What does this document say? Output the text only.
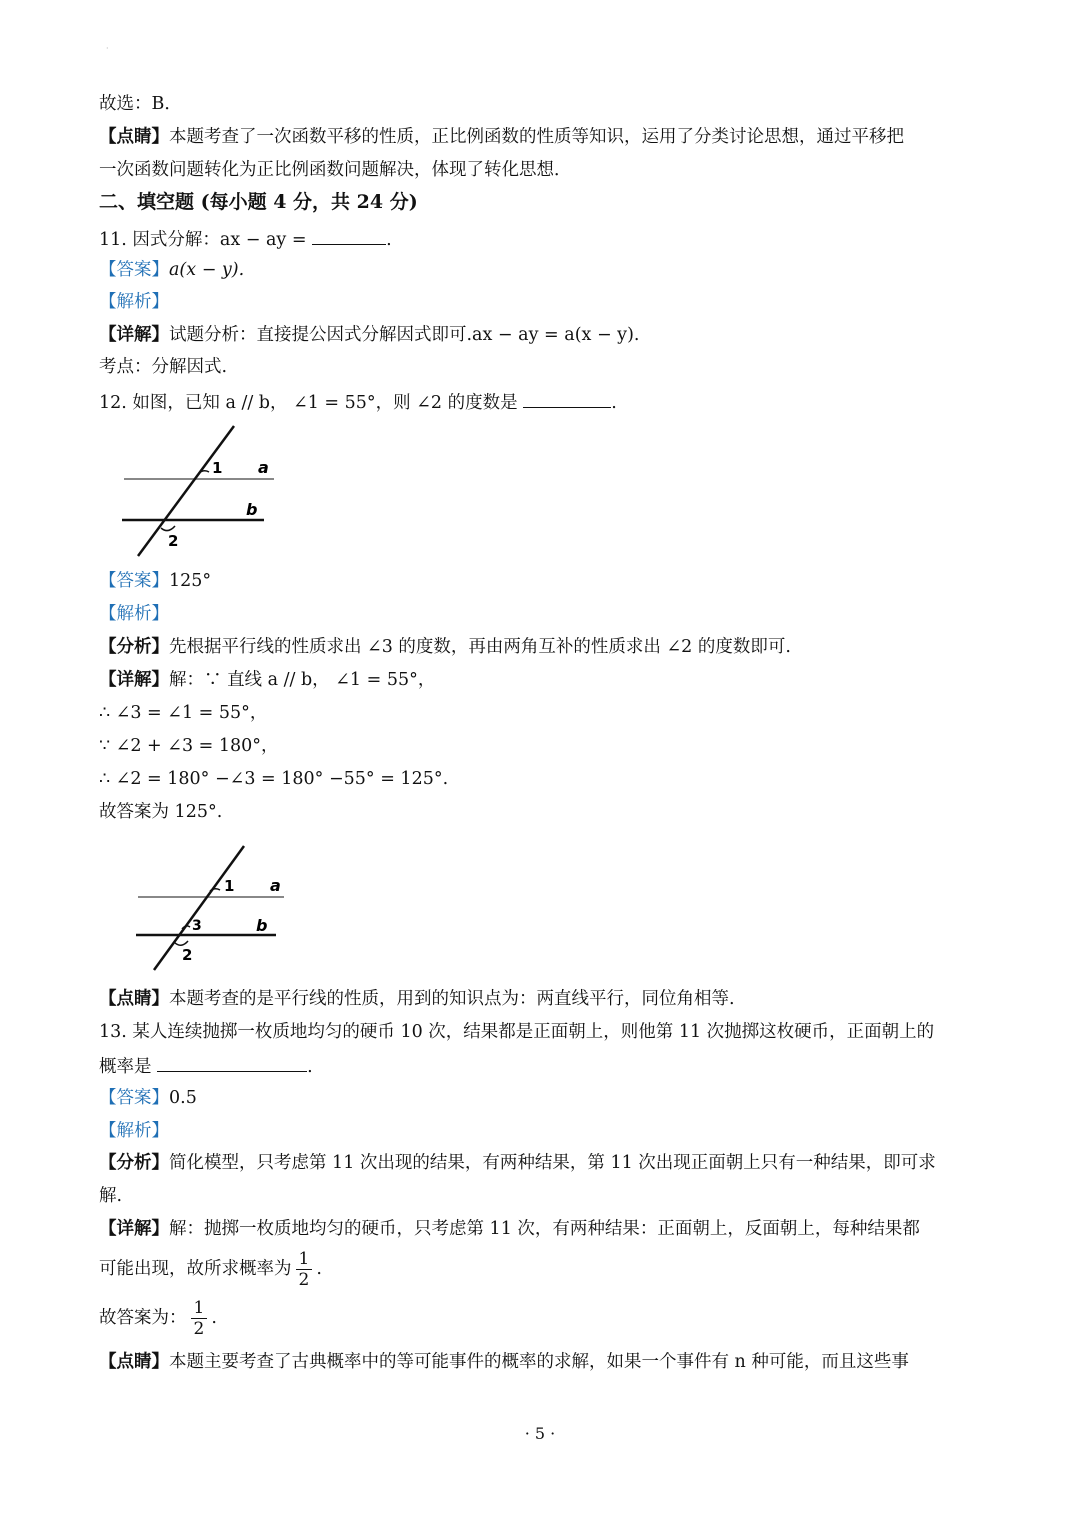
·
故选：B．
【点睛】本题考查了一次函数平移的性质，正比例函数的性质等知识，运用了分类讨论思想，通过平移把
一次函数问题转化为正比例函数问题解决，体现了转化思想．
二、填空题 (每小题 4 分，共 24 分)
11. 因式分解：ax − ay =	.
【答案】a(x − y).
【解析】
【详解】试题分析：直接提公因式分解因式即可.ax − ay = a(x − y).
考点：分解因式.
12. 如图，已知 a // b， ∠1 = 55°，则 ∠2 的度数是	.
1 a
b
2
【答案】125°
【解析】
【分析】先根据平行线的性质求出 ∠3 的度数，再由两角互补的性质求出 ∠2 的度数即可.
【详解】解：∵ 直线 a // b， ∠1 = 55°，
∴ ∠3 = ∠1 = 55°，
∵ ∠2 + ∠3 = 180°，
∴ ∠2 = 180° −∠3 = 180° −55° = 125°.
故答案为 125°.
1 a
3	b
2
【点睛】本题考查的是平行线的性质，用到的知识点为：两直线平行，同位角相等.
13. 某人连续抛掷一枚质地均匀的硬币 10 次，结果都是正面朝上，则他第 11 次抛掷这枚硬币，正面朝上的
概率是	.
【答案】0.5
【解析】
【分析】简化模型，只考虑第 11 次出现的结果，有两种结果，第 11 次出现正面朝上只有一种结果，即可求
解.
【详解】解：抛掷一枚质地均匀的硬币，只考虑第 11 次，有两种结果：正面朝上，反面朝上，每种结果都
可能出现，故所求概率为 $\frac{1}{2}$ .
故答案为： $\frac{1}{2}$ .
【点睛】本题主要考查了古典概率中的等可能事件的概率的求解，如果一个事件有 n 种可能，而且这些事
· 5 ·
